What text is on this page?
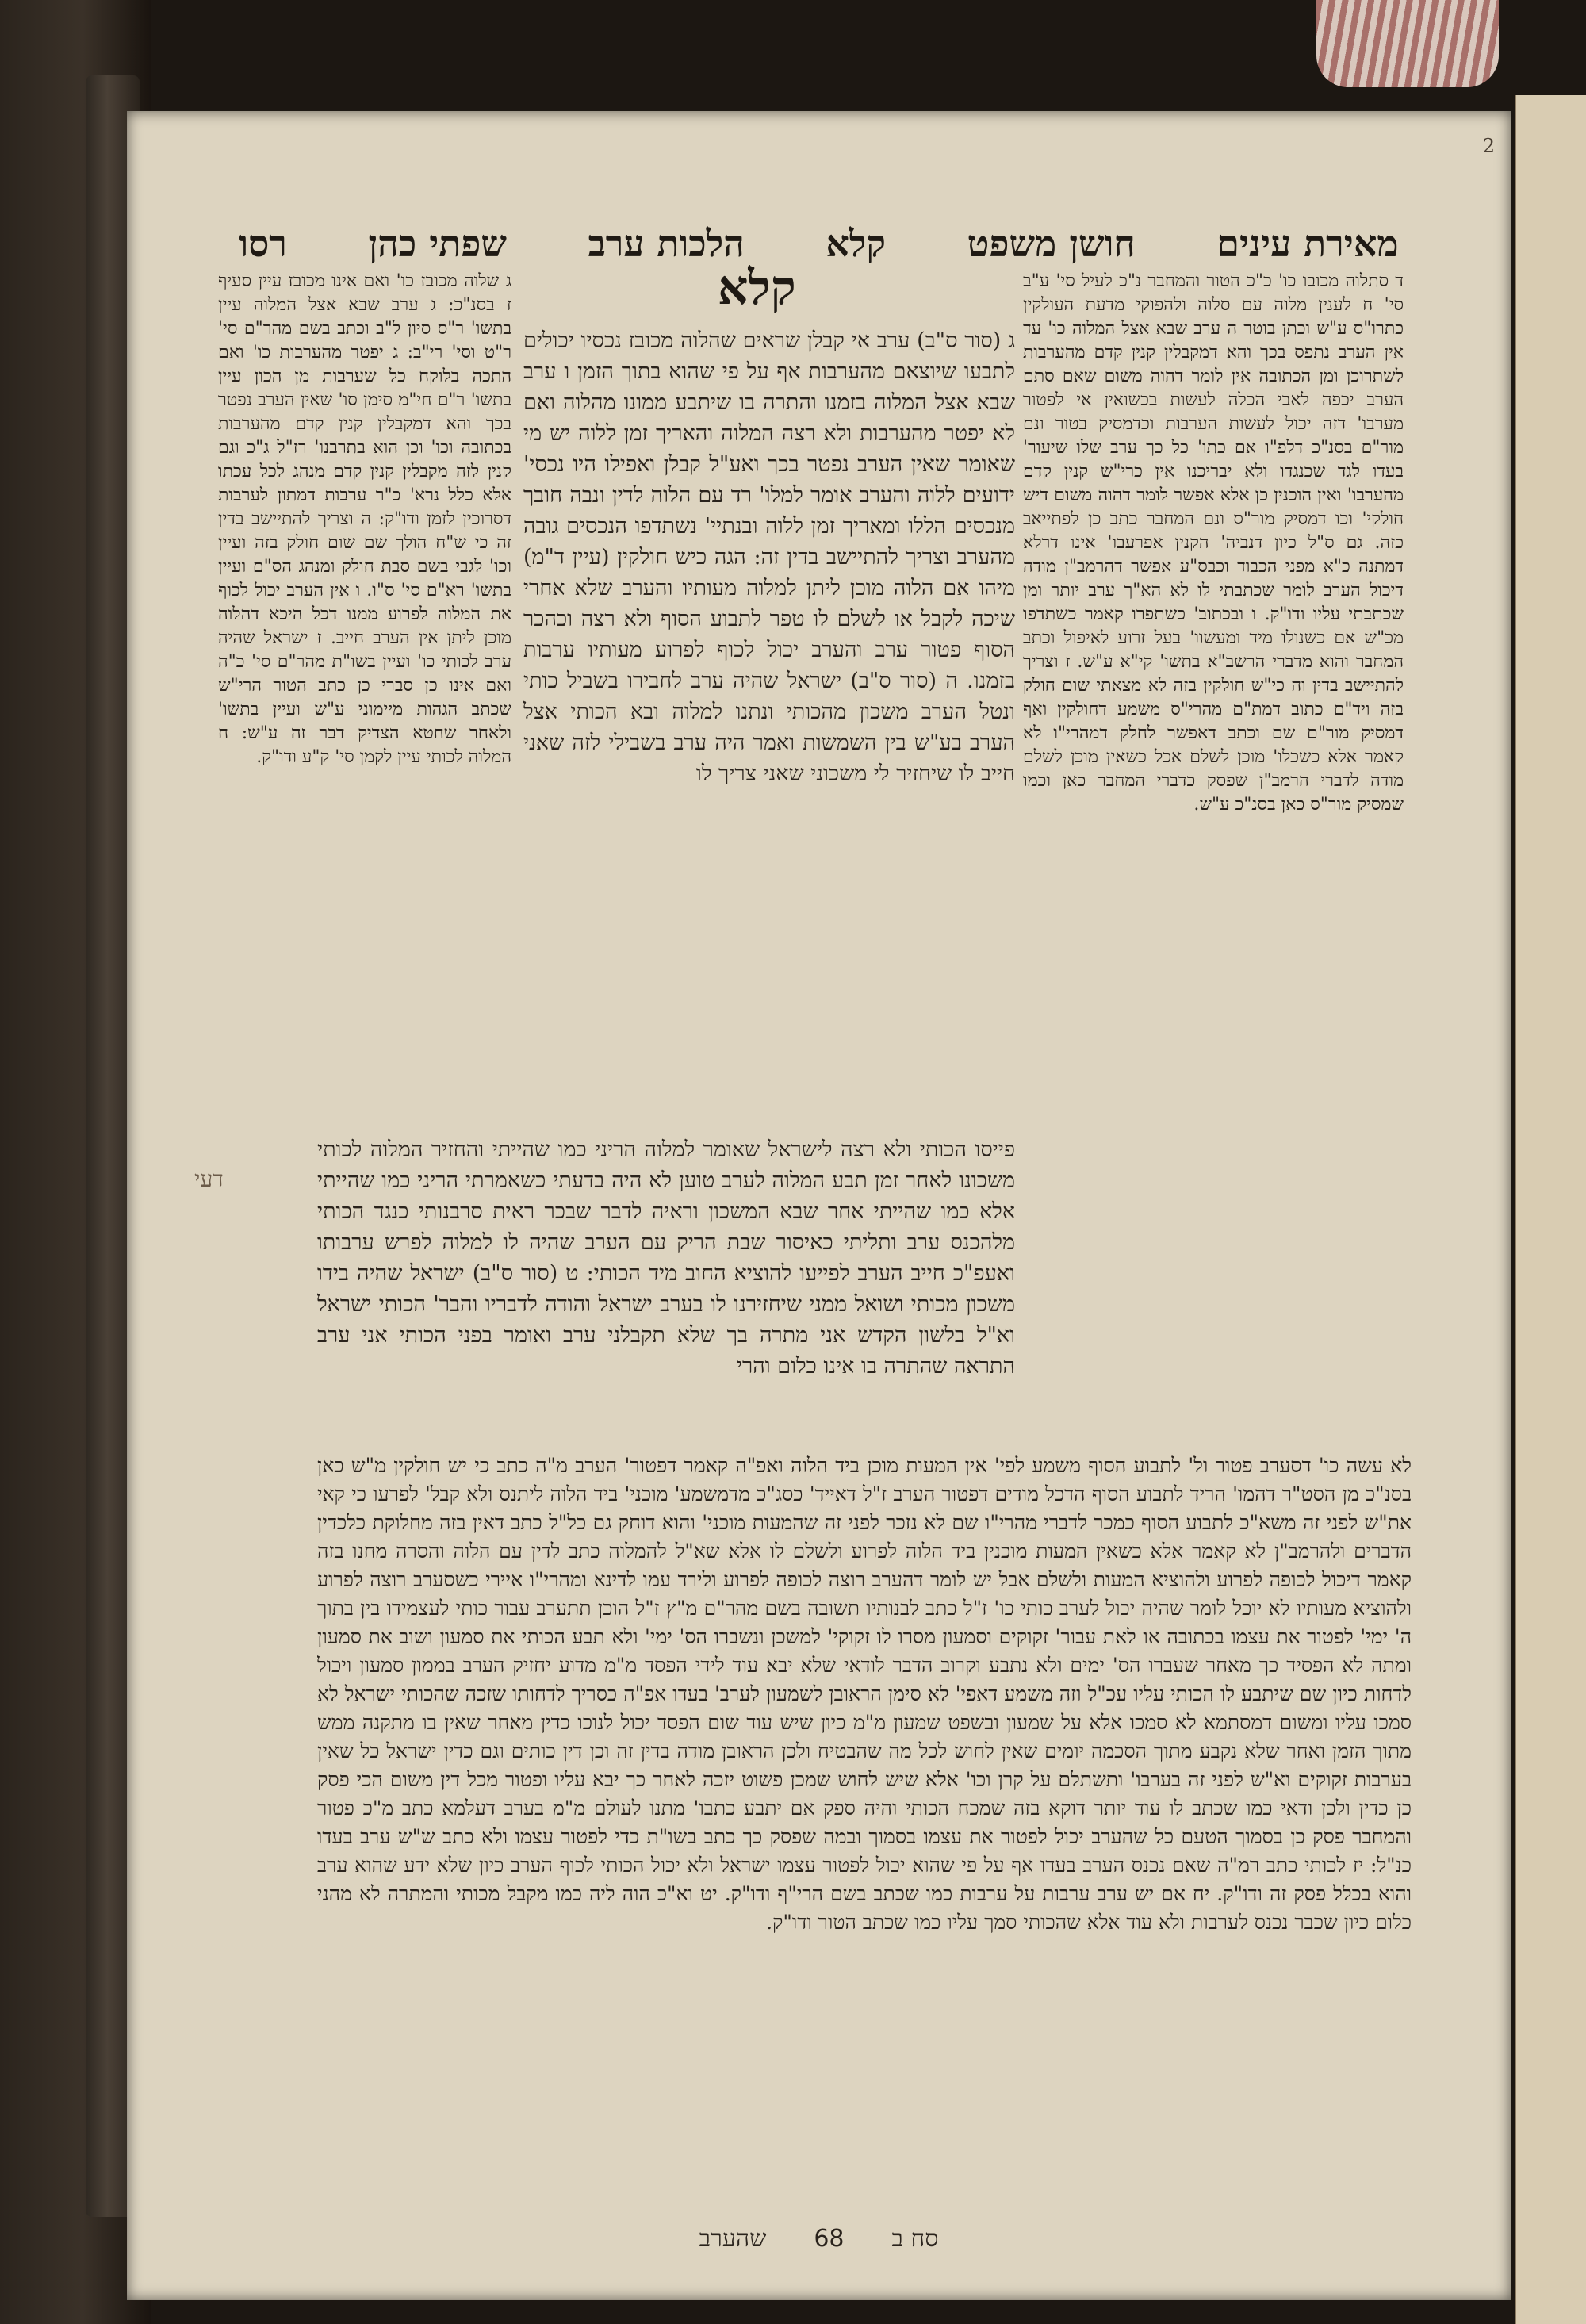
מאירת עינים
חושן משפט
קלא
הלכות ערב
שפתי כהן
רסו
קלא	ד סתלוה מכובו כו' כ"כ הטור והמחבר נ"כ לעיל סי' ע"ב סי' ח לענין מלוה עם סלוה ולהפוקי מדעת העולקין כתרו"ס ע"ש וכתן בוטר ה ערב שבא אצל המלוה כו' עד אין הערב נתפס בכך והא דמקבלין קנין קדם מהערבות לשתרוכן ומן הכתובה אין לומר דהוה משום שאם סתם הערב יכפה לאבי הכלה לעשות בכשואין אי לפטור מערבו' דזה יכול לעשות הערבות וכדמסיק בטור ונם מור"ם בסנ"כ דלפ"ו אם כתו' כל כך ערב שלו שיעור' בעדו לגד שכנגדו ולא יבריכנו אין כרי"ש קנין קדם מהערבו' ואין הוכנין כן אלא אפשר לומר דהוה משום דיש חולקי' וכו דמסיק מור"ס ונם המחבר כתב כן לפתייאב כזה. גם ס"ל כיון דנביה' הקנין אפרעבו' אינו דרלא דמתנה כ"א מפני הכבוד וכבס"ע אפשר דהרמב"ן מודה דיכול הערב לומר שכתבתי לו לא הא"ך ערב יותר ומן שכתבתי עליו ודו"ק. ו ובכתוב' כשתפרו קאמר כשתדפו מכ"ש אם כשנולו מיד ומעשוו' בעל זרוע לאיפול וכתב המחבר והוא מדברי הרשב"א בתשו' קי"א ע"ש. ז וצריך להתיישב בדין וה כי"ש חולקין בזה לא מצאתי שום חולק בזה ויד"ם כתוב דמת"ם מהרי"ס משמע דחולקין ואף דמסיק מור"ם שם וכתב דאפשר לחלק דמהרי"ו לא קאמר אלא כשכלו' מוכן לשלם אכל כשאין מוכן לשלם מודה לדברי הרמב"ן שפסק כדברי המחבר כאן וכמו שמסיק מור"ס כאן בסנ"כ ע"ש.

ג (סור ס"ב) ערב אי קבלן שראים שהלוה מכובז נכסיו יכולים לתבעו שיוצאם מהערבות אף על פי שהוא בתוך הזמן ו ערב שבא אצל המלוה בזמנו והתרה בו שיתבע ממונו מהלוה ואם לא יפטר מהערבות ולא רצה המלוה והאריך זמן ללוה יש מי שאומר שאין הערב נפטר בכך ואע"ל קבלן ואפילו היו נכסי' ידועים ללוה והערב אומר למלו' רד עם הלוה לדין ונבה חובך מנכסים הללו ומאריך זמן ללוה ובנתיי' נשתדפו הנכסים גובה מהערב וצריך להתיישב בדין זה: הגה כיש חולקין (עיין ד"מ) מיהו אם הלוה מוכן ליתן למלוה מעותיו והערב שלא אחרי שיכה לקבל או לשלם לו טפר לתבוע הסוף ולא רצה וכהכר הסוף פטור ערב והערב יכול לכוף לפרוע מעותיו ערבות בזמנו. ה (סור ס"ב) ישראל שהיה ערב לחבירו בשביל כותי ונטל הערב משכון מהכותי ונתנו למלוה ובא הכותי אצל הערב בע"ש בין השמשות ואמר היה ערב בשבילי לזה שאני חייב לו שיחזיר לי משכוני שאני צריך לו

ג שלוה מכובז כו' ואם אינו מכובז עיין סעיף ז בסנ"כ: ג ערב שבא אצל המלוה עיין בתשו' ר"ס סיון ל"ב וכתב בשם מהר"ם סי' ר"ט וסי' רי"ב: ג יפטר מהערבות כו' ואם התכה בלוקח כל שערבות מן הכון עיין בתשו' ר"ם חי"מ סימן סו' שאין הערב נפטר בכך והא דמקבלין קנין קדם מהערבות בכתובה וכו' וכן הוא בתרבנו' רז"ל ג"כ וגם קנין לזה מקבלין קנין קדם מנהג לכל עכתו אלא כלל נרא' כ"ר ערבות דמתון לערבות דסרוכין לזמן ודו"ק: ה וצריך להתיישב בדין זה כי ש"ח הולך שם שום חולק בזה ועיין וכו' לגבי בשם סבת חולק ומנהג הס"ם ועיין בתשו' רא"ם סי' ס"ו. ו אין הערב יכול לכוף את המלוה לפרוע ממנו דכל היכא דהלוה מוכן ליתן אין הערב חייב. ז ישראל שהיה ערב לכותי כו' ועיין בשו"ת מהר"ם סי' כ"ה ואם אינו כן סברי כן כתב הטור הרי"ש שכתב הגהות מיימוני ע"ש ועיין בתשו' ולאחר שחטא הצדיק דבר זה ע"ש: ח המלוה לכותי עיין לקמן סי' ק"ע ודו"ק.

פייסו הכותי ולא רצה לישראל שאומר למלוה הריני כמו שהייתי והחזיר המלוה לכותי משכונו לאחר זמן תבע המלוה לערב טוען לא היה בדעתי כשאמרתי הריני כמו שהייתי אלא כמו שהייתי אחר שבא המשכון וראיה לדבר שבכר ראית סרבנותי כנגד הכותי מלהכנס ערב ותליתי כאיסור שבת הריק עם הערב שהיה לו למלוה לפרש ערבותו ואעפ"כ חייב הערב לפייעו להוציא החוב מיד הכותי: ט (סור ס"ב) ישראל שהיה בידו משכון מכותי ושואל ממני שיחזירנו לו בערב ישראל והודה לדבריו והבר' הכותי ישראל וא"ל בלשון הקדש אני מתרה בך שלא תקבלני ערב ואומר בפני הכותי אני ערב התראה שהתרה בו אינו כלום והרי

לא עשה כו' דסערב פטור ול' לתבוע הסוף משמע לפי' אין המעות מוכן ביד הלוה ואפ"ה קאמר דפטור' הערב מ"ה כתב כי יש חולקין מ"ש כאן בסנ"כ מן הסט"ר דהמו' הריד לתבוע הסוף הדכל מודים דפטור הערב ז"ל דאייד' כסג"כ מדמשמע' מוכני' ביד הלוה ליתנס ולא קבל' לפרעו כי קאי את"ש לפני זה משא"כ לתבוע הסוף כמכר לדברי מהרי"ו שם לא נזכר לפני זה שהמעות מוכני' והוא דוחק גם כל"ל כתב דאין בזה מחלוקת כלכדין הדברים ולהרמב"ן לא קאמר אלא כשאין המעות מוכנין ביד הלוה לפרוע ולשלם לו אלא שא"ל להמלוה כתב לדין עם הלוה והסרה מחנו בזה קאמר דיכול לכופה לפרוע ולהוציא המעות ולשלם אבל יש לומר דהערב רוצה לכופה לפרוע ולירד עמו לדינא ומהרי"ו איירי כשסערב רוצה לפרוע ולהוציא מעותיו לא יוכל לומר שהיה יכול לערב כותי כו' ז"ל כתב לבנותיו תשובה בשם מהר"ם מ"ץ ז"ל הוכן תתערב עבור כותי לעצמידו בין בתוך ה' ימי' לפטור את עצמו בכתובה או לאת עבור' זקוקים וסמעון מסרו לו זקוקי' למשכן ונשברו הס' ימי' ולא תבע הכותי את סמעון ושוב את סמעון ומתה לא הפסיד כך מאחר שעברו הס' ימים ולא נתבע וקרוב הדבר לודאי שלא יבא עוד לידי הפסד מ"מ מדוע יחזיק הערב בממון סמעון ויכול לדחות כיון שם שיתבע לו הכותי עליו עכ"ל וזה משמע דאפי' לא סימן הראובן לשמעון לערב' בעדו אפ"ה כסריך לדחותו שזכה שהכותי ישראל לא סמכו עליו ומשום דמסתמא לא סמכו אלא על שמעון ובשפט שמעון מ"מ כיון שיש עוד שום הפסד יכול לנוכו כדין מאחר שאין בו מתקנה ממש מתוך הזמן ואחר שלא נקבע מתוך הסכמה יומים שאין לחוש לכל מה שהבטיח ולכן הראובן מודה בדין זה וכן דין כותים וגם כדין ישראל כל שאין בערבות זקוקים וא"ש לפני זה בערבו' ותשתלם על קרן וכו' אלא שיש לחוש שמכן פשוט יזכה לאחר כך יבא עליו ופטור מכל דין משום הכי פסק כן כדין ולכן ודאי כמו שכתב לו עוד יותר דוקא בזה שמכח הכותי והיה ספק אם יתבע כתבו' מתנו לעולם מ"מ בערב דעלמא כתב מ"כ פטור והמחבר פסק כן בסמוך הטעם כל שהערב יכול לפטור את עצמו בסמוך ובמה שפסק כך כתב בשו"ת כדי לפטור עצמו ולא כתב ש"ש ערב בעדו כנ"ל: יז לכותי כתב רמ"ה שאם נכנס הערב בעדו אף על פי שהוא יכול לפטור עצמו ישראל ולא יכול הכותי לכוף הערב כיון שלא ידע שהוא ערב והוא בכלל פסק זה ודו"ק. יח אם יש ערב ערבות על ערבות כמו שכתב בשם הרי"ף ודו"ק. יט וא"כ הוה ליה כמו מקבל מכותי והמתרה לא מהני כלום כיון שכבר נכנס לערבות ולא עוד אלא שהכותי סמך עליו כמו שכתב הטור ודו"ק.

דעי
סח ב
68
שהערב
2
